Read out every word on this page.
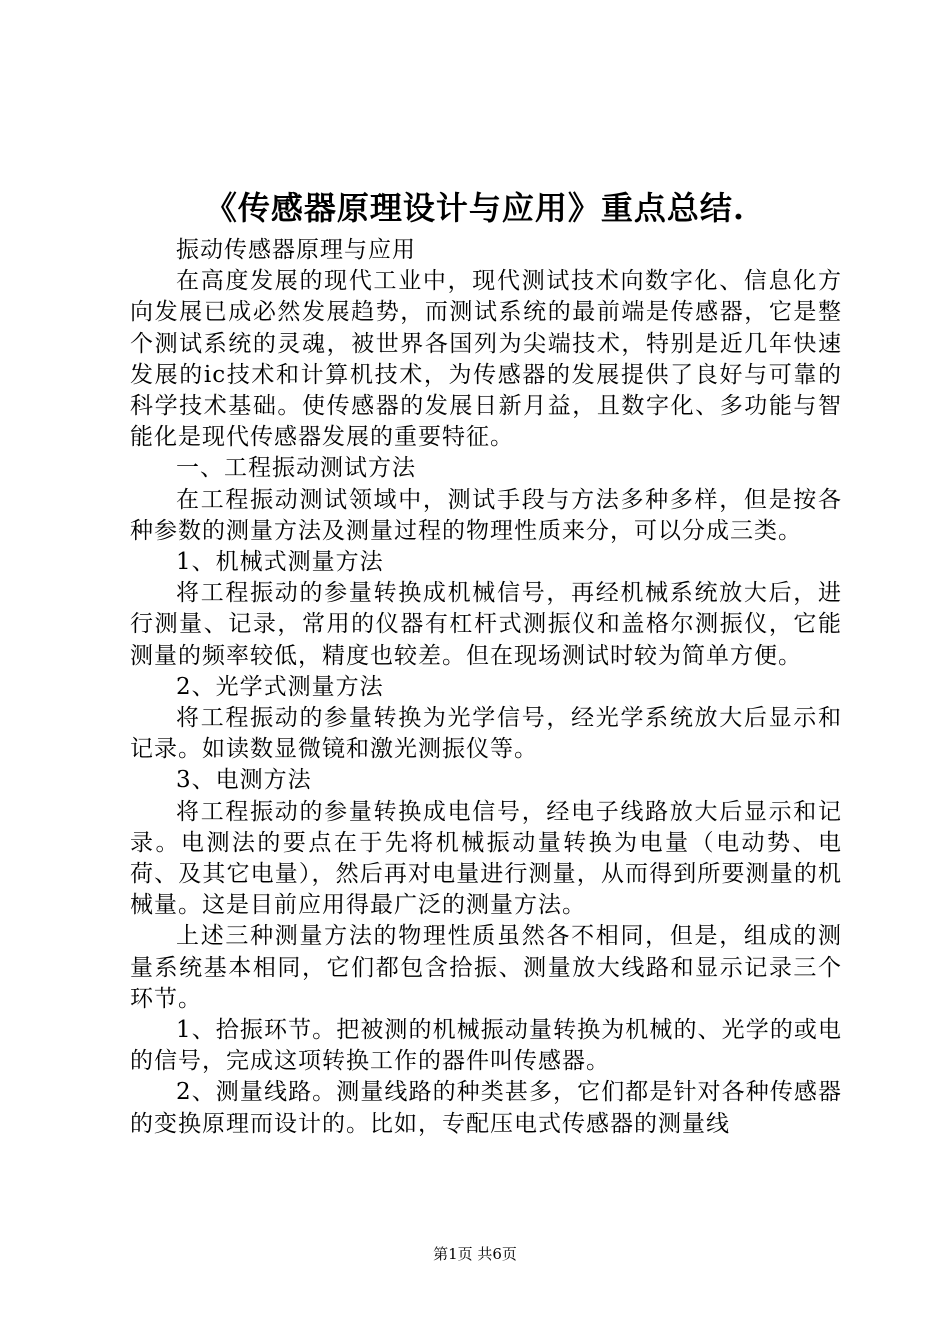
《传感器原理设计与应用》重点总结.

振动传感器原理与应用

在高度发展的现代工业中，现代测试技术向数字化、信息化方向发展已成必然发展趋势，而测试系统的最前端是传感器，它是整个测试系统的灵魂，被世界各国列为尖端技术，特别是近几年快速发展的ic技术和计算机技术，为传感器的发展提供了良好与可靠的科学技术基础。使传感器的发展日新月益，且数字化、多功能与智能化是现代传感器发展的重要特征。

一、工程振动测试方法

在工程振动测试领域中，测试手段与方法多种多样，但是按各种参数的测量方法及测量过程的物理性质来分，可以分成三类。

1、机械式测量方法

将工程振动的参量转换成机械信号，再经机械系统放大后，进行测量、记录，常用的仪器有杠杆式测振仪和盖格尔测振仪，它能测量的频率较低，精度也较差。但在现场测试时较为简单方便。

2、光学式测量方法

将工程振动的参量转换为光学信号，经光学系统放大后显示和记录。如读数显微镜和激光测振仪等。

3、电测方法

将工程振动的参量转换成电信号，经电子线路放大后显示和记录。电测法的要点在于先将机械振动量转换为电量（电动势、电荷、及其它电量），然后再对电量进行测量，从而得到所要测量的机械量。这是目前应用得最广泛的测量方法。

上述三种测量方法的物理性质虽然各不相同，但是，组成的测量系统基本相同，它们都包含拾振、测量放大线路和显示记录三个环节。

1、拾振环节。把被测的机械振动量转换为机械的、光学的或电的信号，完成这项转换工作的器件叫传感器。

2、测量线路。测量线路的种类甚多，它们都是针对各种传感器的变换原理而设计的。比如，专配压电式传感器的测量线

第1页 共6页
